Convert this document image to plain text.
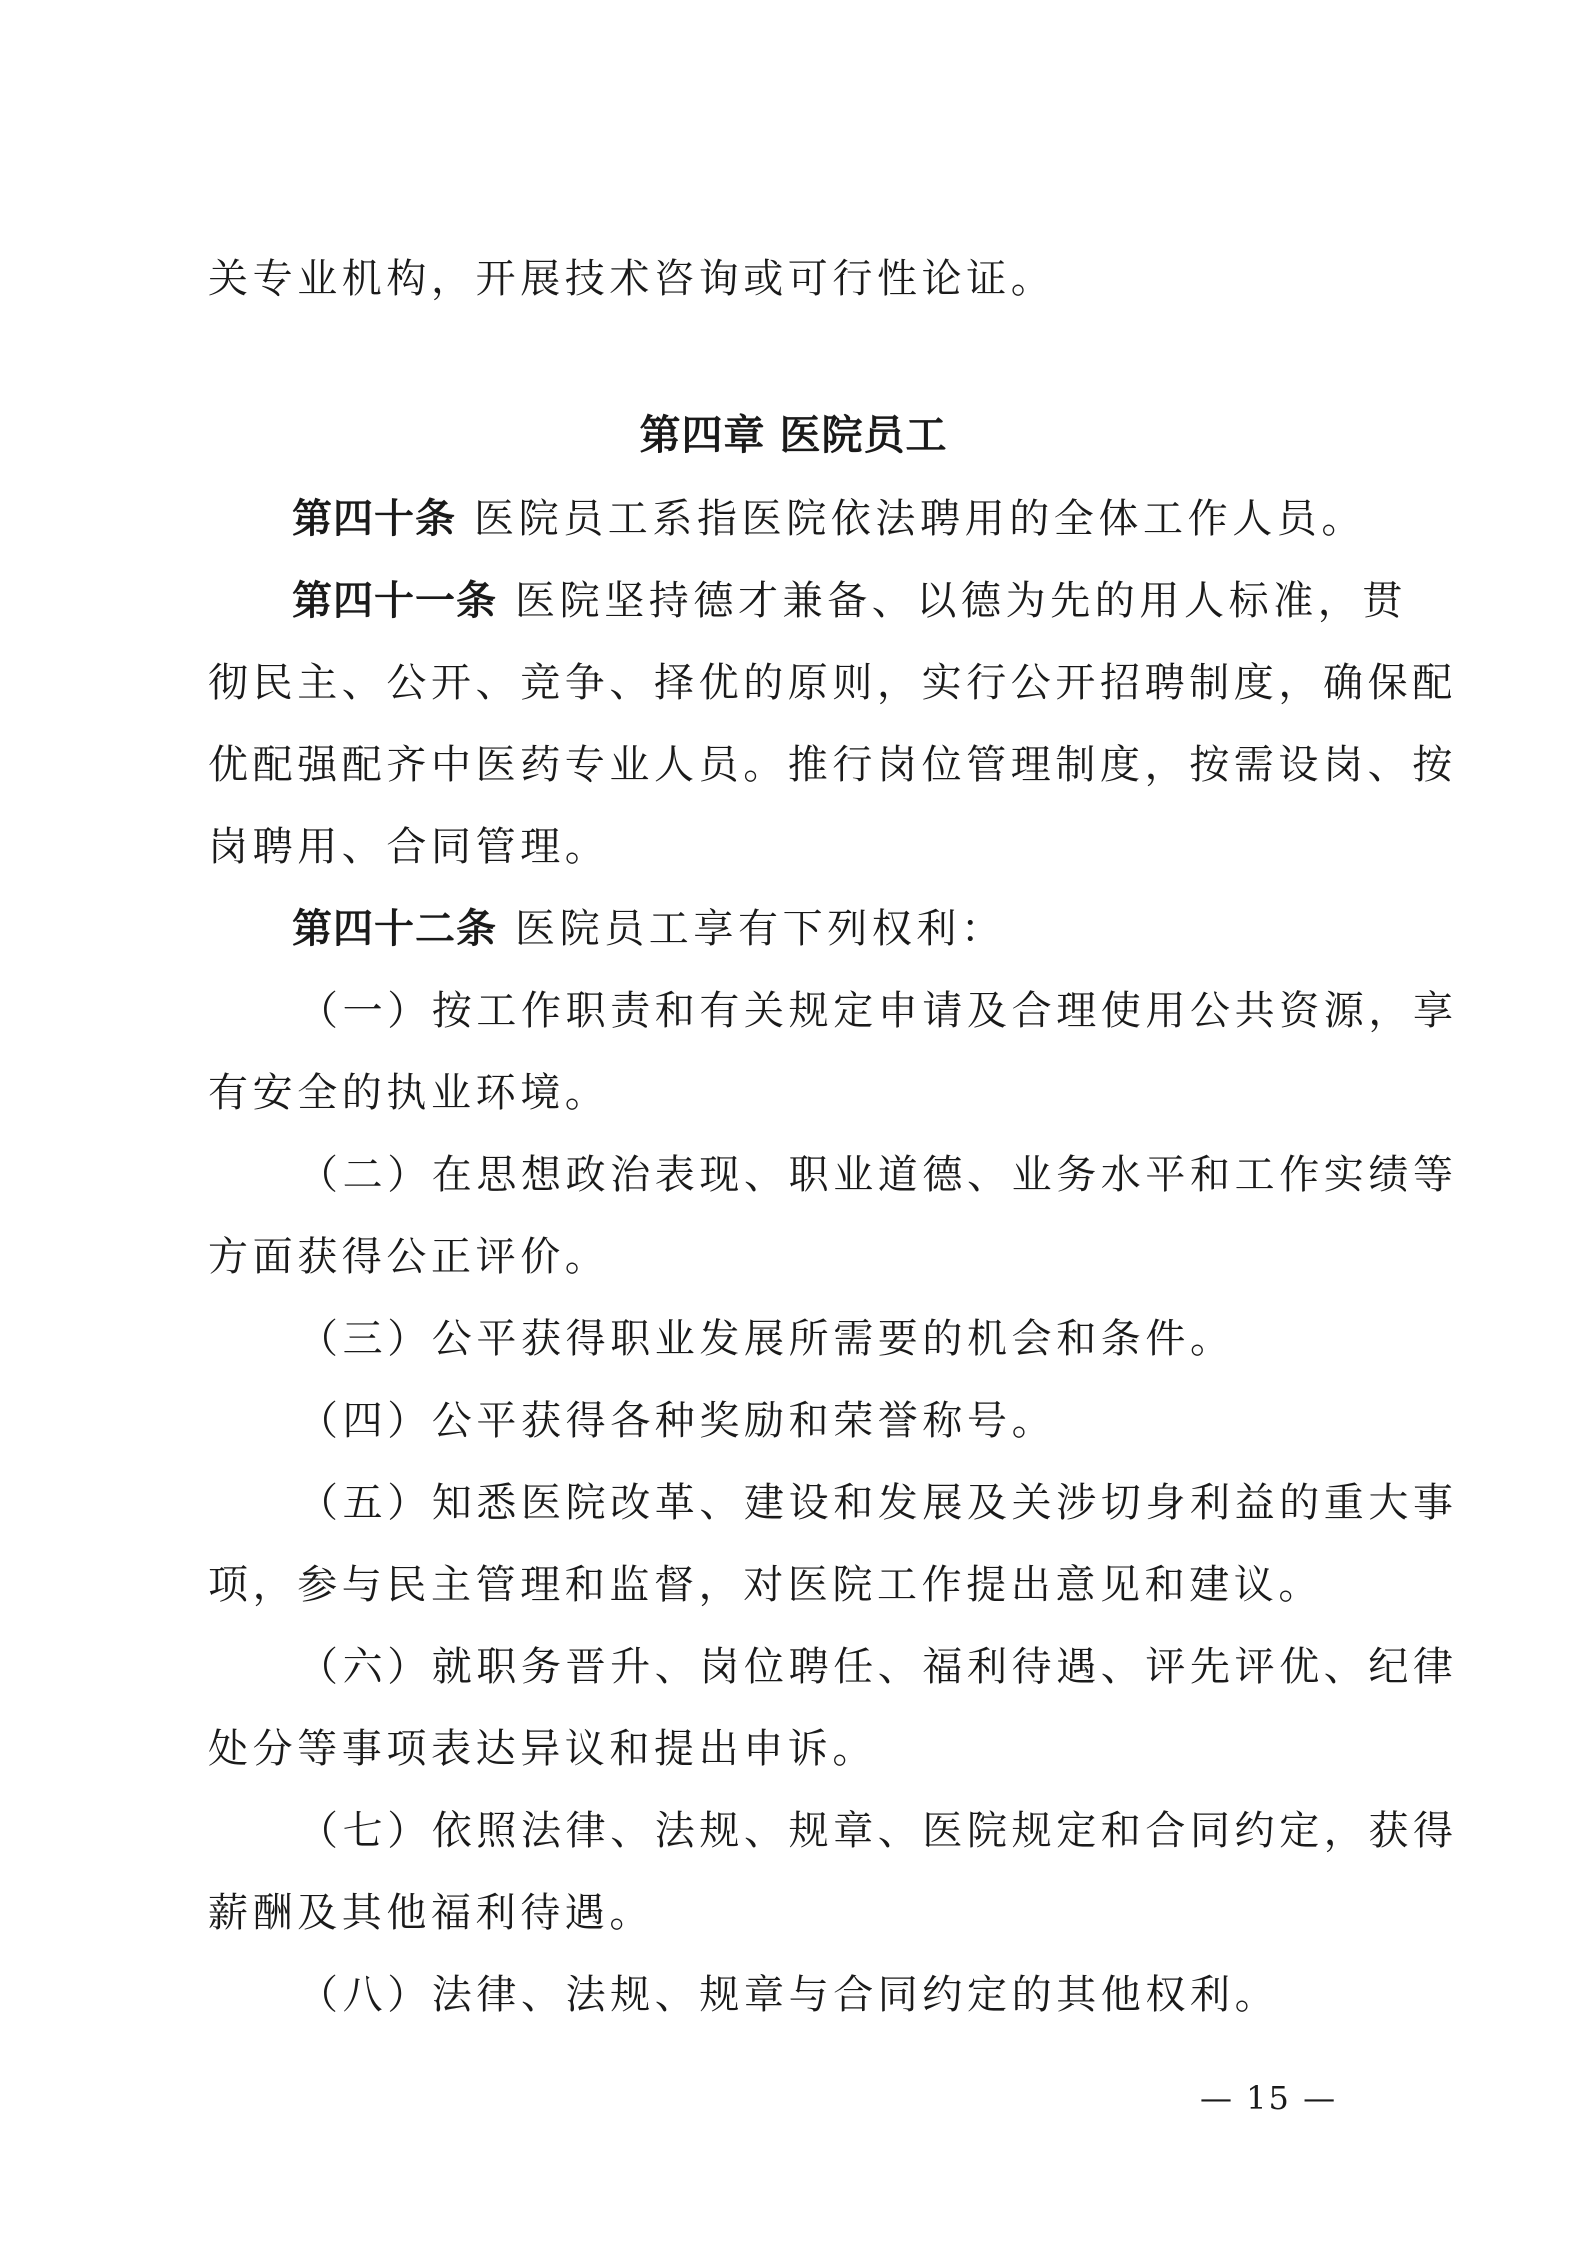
关专业机构，开展技术咨询或可行性论证。
第四章 医院员工
第四十条 医院员工系指医院依法聘用的全体工作人员。
第四十一条 医院坚持德才兼备、以德为先的用人标准，贯
彻民主、公开、竞争、择优的原则，实行公开招聘制度，确保配
优配强配齐中医药专业人员。推行岗位管理制度，按需设岗、按
岗聘用、合同管理。
第四十二条 医院员工享有下列权利：
（一）按工作职责和有关规定申请及合理使用公共资源，享
有安全的执业环境。
（二）在思想政治表现、职业道德、业务水平和工作实绩等
方面获得公正评价。
（三）公平获得职业发展所需要的机会和条件。
（四）公平获得各种奖励和荣誉称号。
（五）知悉医院改革、建设和发展及关涉切身利益的重大事
项，参与民主管理和监督，对医院工作提出意见和建议。
（六）就职务晋升、岗位聘任、福利待遇、评先评优、纪律
处分等事项表达异议和提出申诉。
（七）依照法律、法规、规章、医院规定和合同约定，获得
薪酬及其他福利待遇。
（八）法律、法规、规章与合同约定的其他权利。
— 15 —
